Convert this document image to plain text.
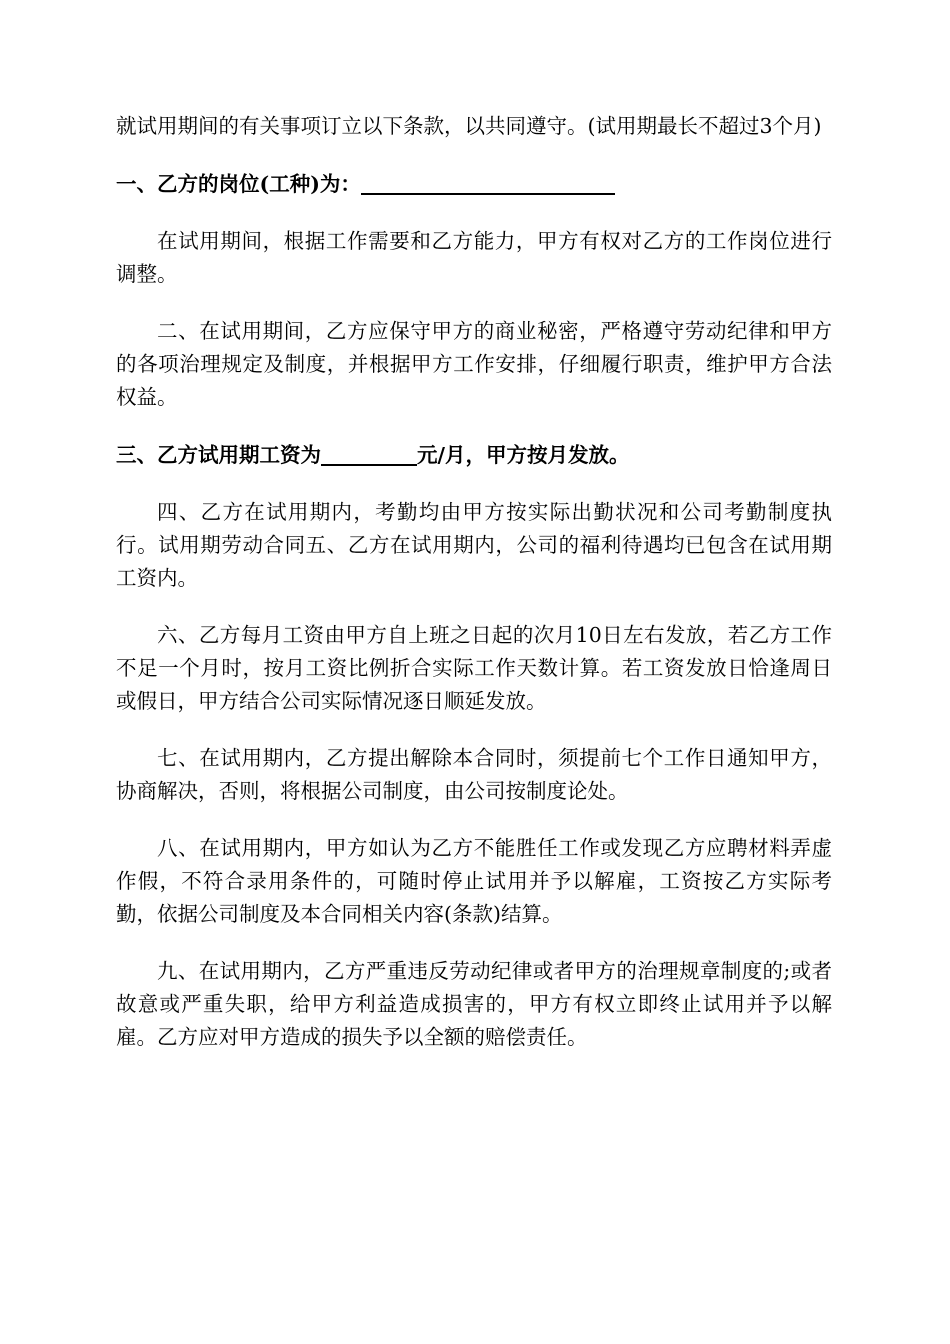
就试用期间的有关事项订立以下条款，以共同遵守。(试用期最长不超过3个月)

一、乙方的岗位(工种)为：

在试用期间，根据工作需要和乙方能力，甲方有权对乙方的工作岗位进行调整。

二、在试用期间，乙方应保守甲方的商业秘密，严格遵守劳动纪律和甲方的各项治理规定及制度，并根据甲方工作安排，仔细履行职责，维护甲方合法权益。

三、乙方试用期工资为	元/月，甲方按月发放。

四、乙方在试用期内，考勤均由甲方按实际出勤状况和公司考勤制度执行。试用期劳动合同五、乙方在试用期内，公司的福利待遇均已包含在试用期工资内。

六、乙方每月工资由甲方自上班之日起的次月10日左右发放，若乙方工作不足一个月时，按月工资比例折合实际工作天数计算。若工资发放日恰逢周日或假日，甲方结合公司实际情况逐日顺延发放。

七、在试用期内，乙方提出解除本合同时，须提前七个工作日通知甲方，协商解决，否则，将根据公司制度，由公司按制度论处。

八、在试用期内，甲方如认为乙方不能胜任工作或发现乙方应聘材料弄虚作假，不符合录用条件的，可随时停止试用并予以解雇，工资按乙方实际考勤，依据公司制度及本合同相关内容(条款)结算。

九、在试用期内，乙方严重违反劳动纪律或者甲方的治理规章制度的;或者故意或严重失职，给甲方利益造成损害的，甲方有权立即终止试用并予以解雇。乙方应对甲方造成的损失予以全额的赔偿责任。
